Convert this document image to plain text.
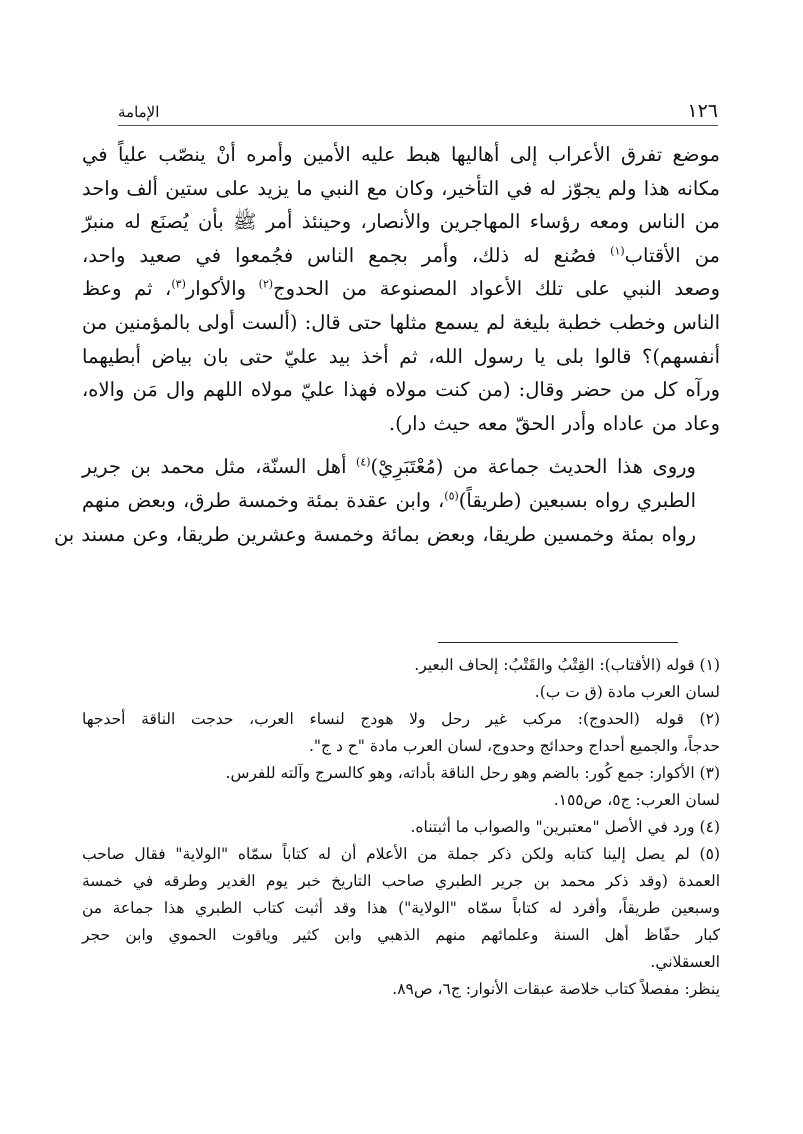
١٢٦
الإمامة

موضع تفرق الأعراب إلى أهاليها هبط عليه الأمين وأمره أنْ ينصّب علياً في
مكانه هذا ولم يجوّز له في التأخير، وكان مع النبي ما يزيد على ستين ألف واحد
من الناس ومعه رؤساء المهاجرين والأنصار، وحينئذ أمر ﷺ بأن يُصنَع له منبرّ
من الأقتاب$^{(١)}$ فصُنع له ذلك، وأمر بجمع الناس فجُمعوا في صعيد واحد،
وصعد النبي على تلك الأعواد المصنوعة من الحدوج$^{(٢)}$ والأكوار$^{(٣)}$، ثم وعظ
الناس وخطب خطبة بليغة لم يسمع مثلها حتى قال: (ألست أولى بالمؤمنين من
أنفسهم)؟ قالوا بلى يا رسول الله، ثم أخذ بيد عليّ حتى بان بياض أبطيهما
ورآه كل من حضر وقال: (من كنت مولاه فهذا عليّ مولاه اللهم وال مَن والاه،
وعاد من عاداه وأدر الحقّ معه حيث دار).

وروى هذا الحديث جماعة من (مُعْتَبَرِيْ)$^{(٤)}$ أهل السنّة، مثل محمد بن جرير
الطبري رواه بسبعين (طريقاً)$^{(٥)}$، وابن عقدة بمئة وخمسة طرق، وبعض منهم
رواه بمئة وخمسين طريقا، وبعض بمائة وخمسة وعشرين طريقا، وعن مسند بن

(١) قوله (الأقتاب): القِتْبُ والقَتْبُ: إلحاف البعير.
لسان العرب مادة (ق ت ب).
(٢) قوله (الحدوج): مركب غير رحل ولا هودج لنساء العرب، حدجت الناقة أحدجها
حدجاً، والجميع أحداج وحدائج وحدوج، لسان العرب مادة "ح د ج".
(٣) الأكوار: جمع كُور: بالضم وهو رحل الناقة بأداته، وهو كالسرج وآلته للفرس.
لسان العرب: ج٥، ص١٥٥.
(٤) ورد في الأصل "معتبرين" والصواب ما أثبتناه.
(٥) لم يصل إلينا كتابه ولكن ذكر جملة من الأعلام أن له كتاباً سمّاه "الولاية" فقال صاحب
العمدة (وقد ذكر محمد بن جرير الطبري صاحب التاريخ خبر يوم الغدير وطرقه في خمسة
وسبعين طريقاً، وأفرد له كتاباً سمّاه "الولاية") هذا وقد أثبت كتاب الطبري هذا جماعة من
كبار حفّاظ أهل السنة وعلمائهم منهم الذهبي وابن كثير وياقوت الحموي وابن حجر
العسقلاني.
ينظر: مفصلاً كتاب خلاصة عبقات الأنوار: ج٦، ص٨٩.
